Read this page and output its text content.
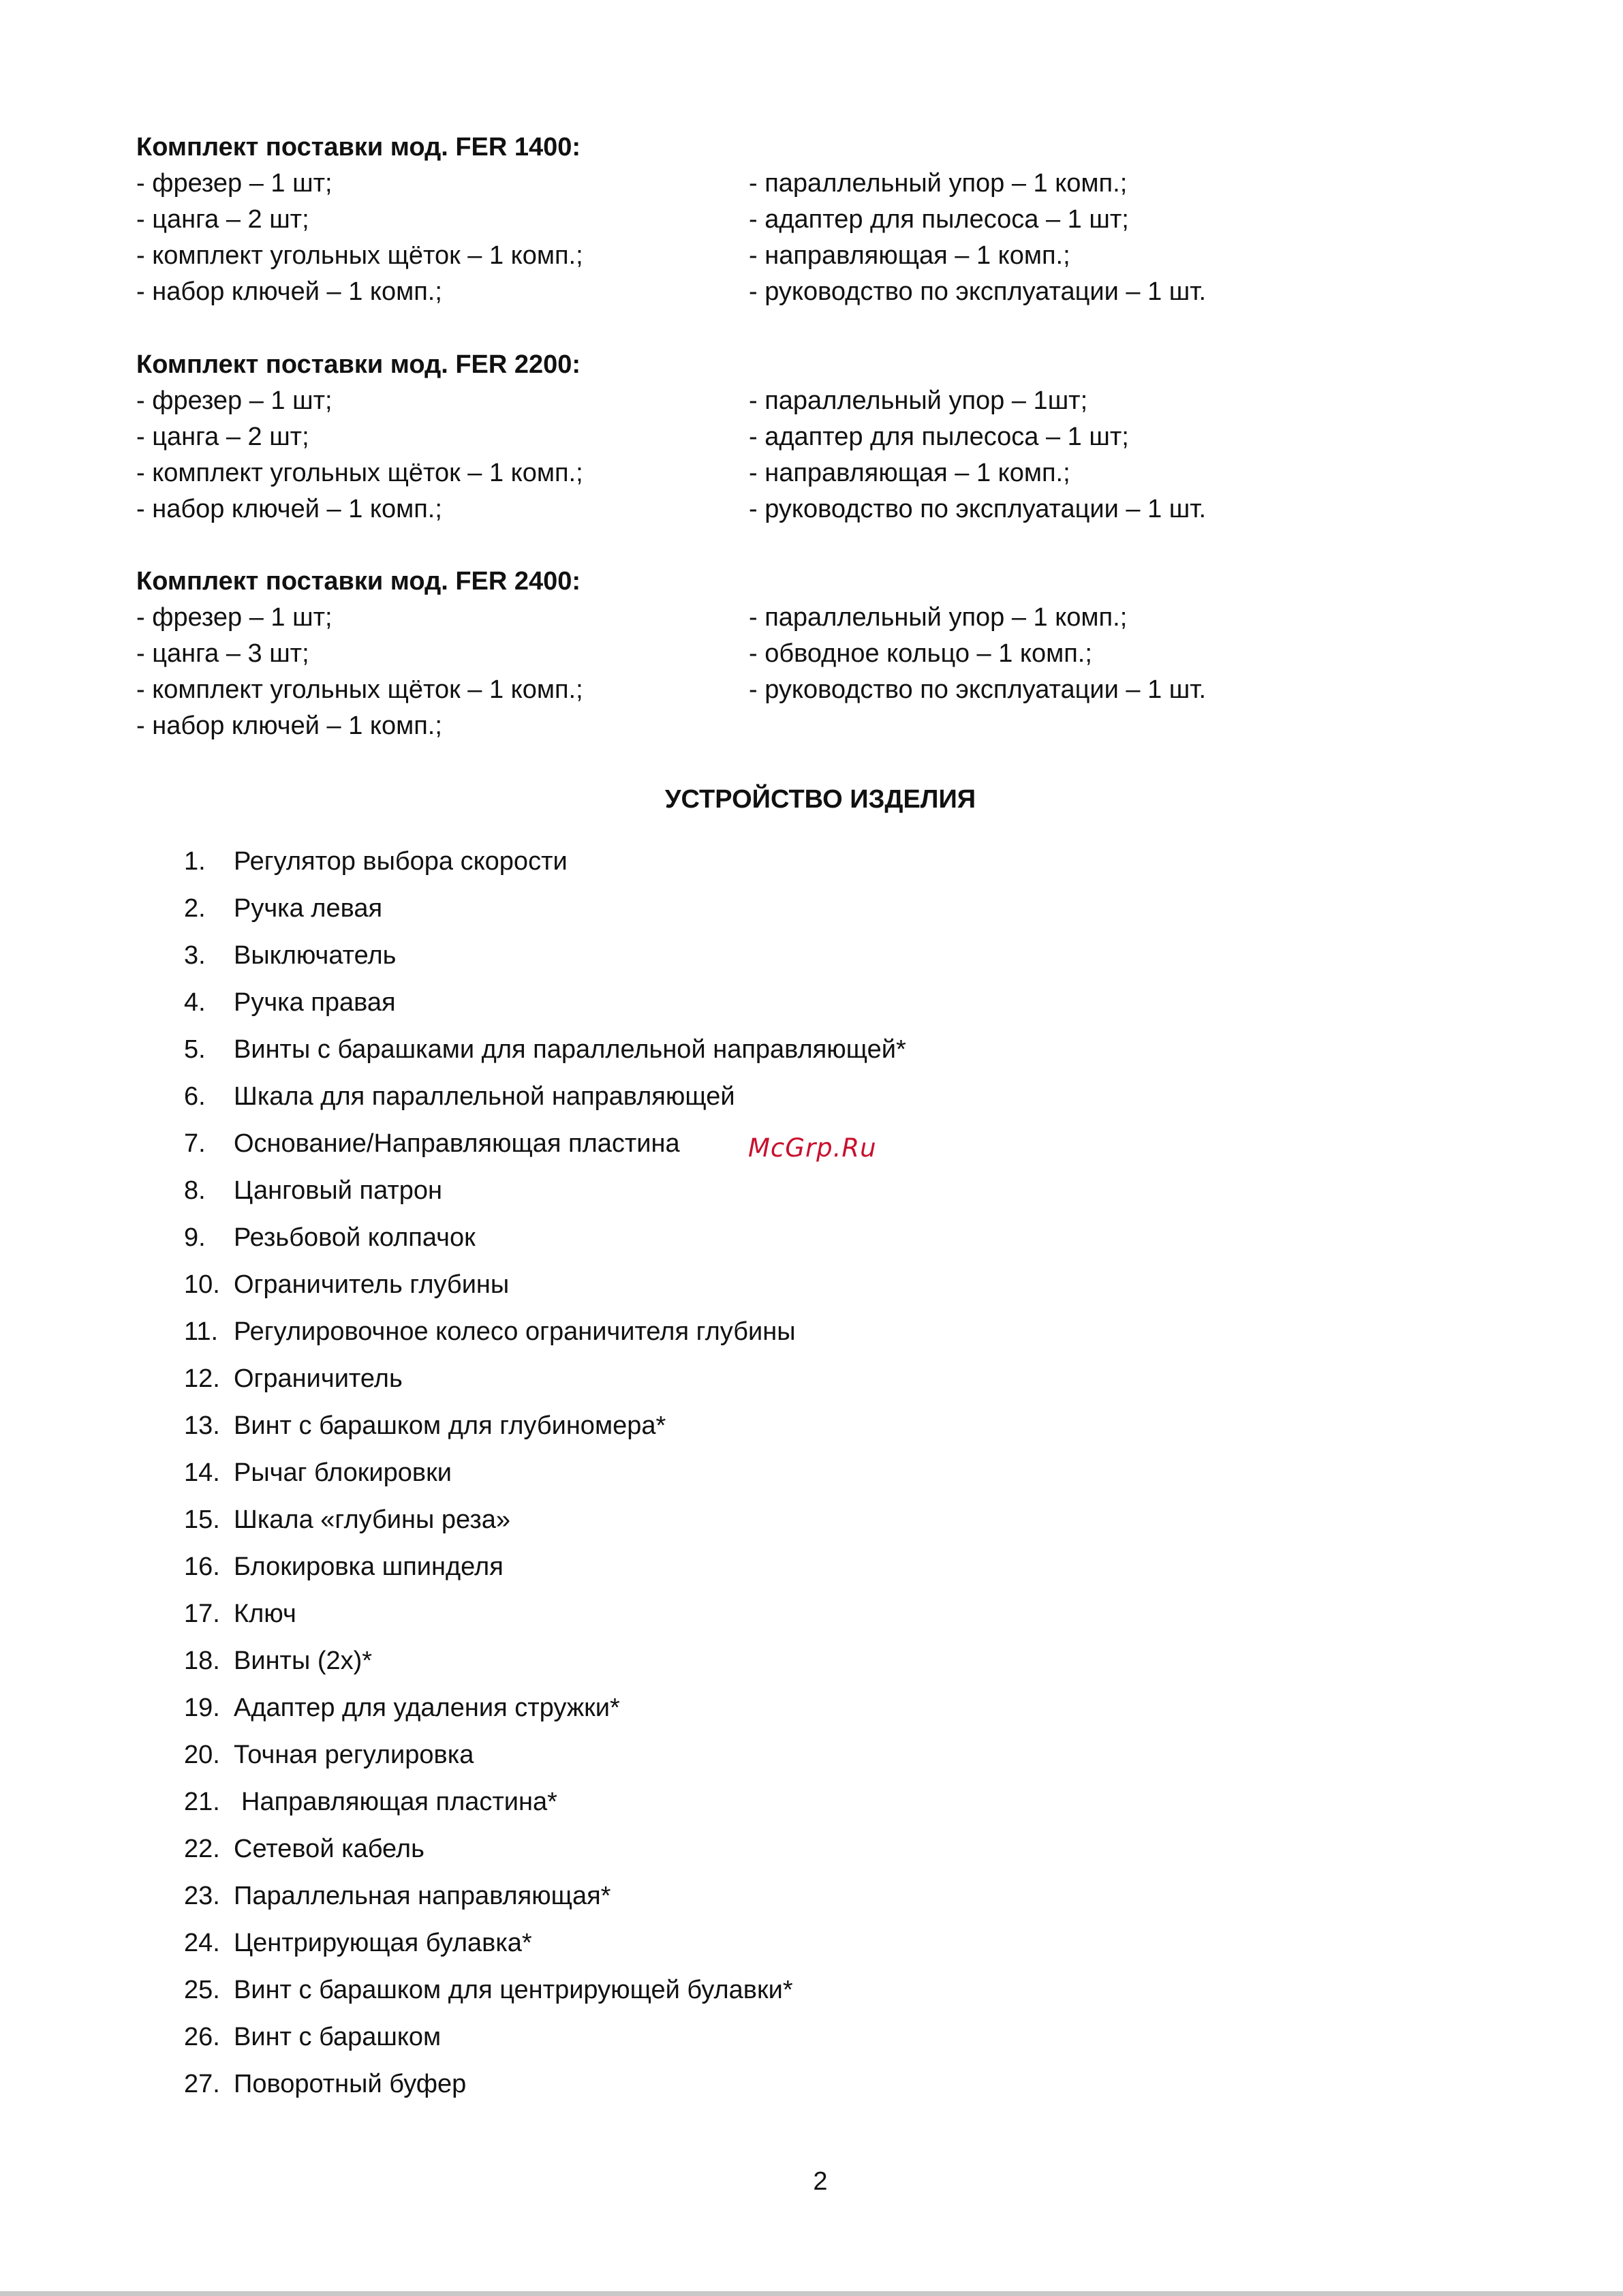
Комплект поставки мод. FER 1400:
- фрезер – 1 шт;	- параллельный упор – 1 комп.;
- цанга – 2 шт;	- адаптер для пылесоса – 1 шт;
- комплект угольных щёток – 1 комп.;	- направляющая – 1 комп.;
- набор ключей – 1 комп.;	- руководство по эксплуатации – 1 шт.
Комплект поставки мод. FER 2200:
- фрезер – 1 шт;	- параллельный упор – 1шт;
- цанга – 2 шт;	- адаптер для пылесоса – 1 шт;
- комплект угольных щёток – 1 комп.;	- направляющая – 1 комп.;
- набор ключей – 1 комп.;	- руководство по эксплуатации – 1 шт.
Комплект поставки мод. FER 2400:
- фрезер – 1 шт;	- параллельный упор – 1 комп.;
- цанга – 3 шт;	- обводное кольцо – 1 комп.;
- комплект угольных щёток – 1 комп.;	- руководство по эксплуатации – 1 шт.
- набор ключей – 1 комп.;
УСТРОЙСТВО ИЗДЕЛИЯ
1. Регулятор выбора скорости
2. Ручка левая
3. Выключатель
4. Ручка правая
5. Винты с барашками для параллельной направляющей*
6. Шкала для параллельной направляющей
7. Основание/Направляющая пластина
8. Цанговый патрон
9. Резьбовой колпачок
10. Ограничитель глубины
11. Регулировочное колесо ограничителя глубины
12. Ограничитель
13. Винт с барашком для глубиномера*
14. Рычаг блокировки
15. Шкала «глубины реза»
16. Блокировка шпинделя
17. Ключ
18. Винты (2х)*
19. Адаптер для удаления стружки*
20. Точная регулировка
21. Направляющая пластина*
22. Сетевой кабель
23. Параллельная направляющая*
24. Центрирующая булавка*
25. Винт с барашком для центрирующей булавки*
26. Винт с барашком
27. Поворотный буфер
McGrp.Ru
2
